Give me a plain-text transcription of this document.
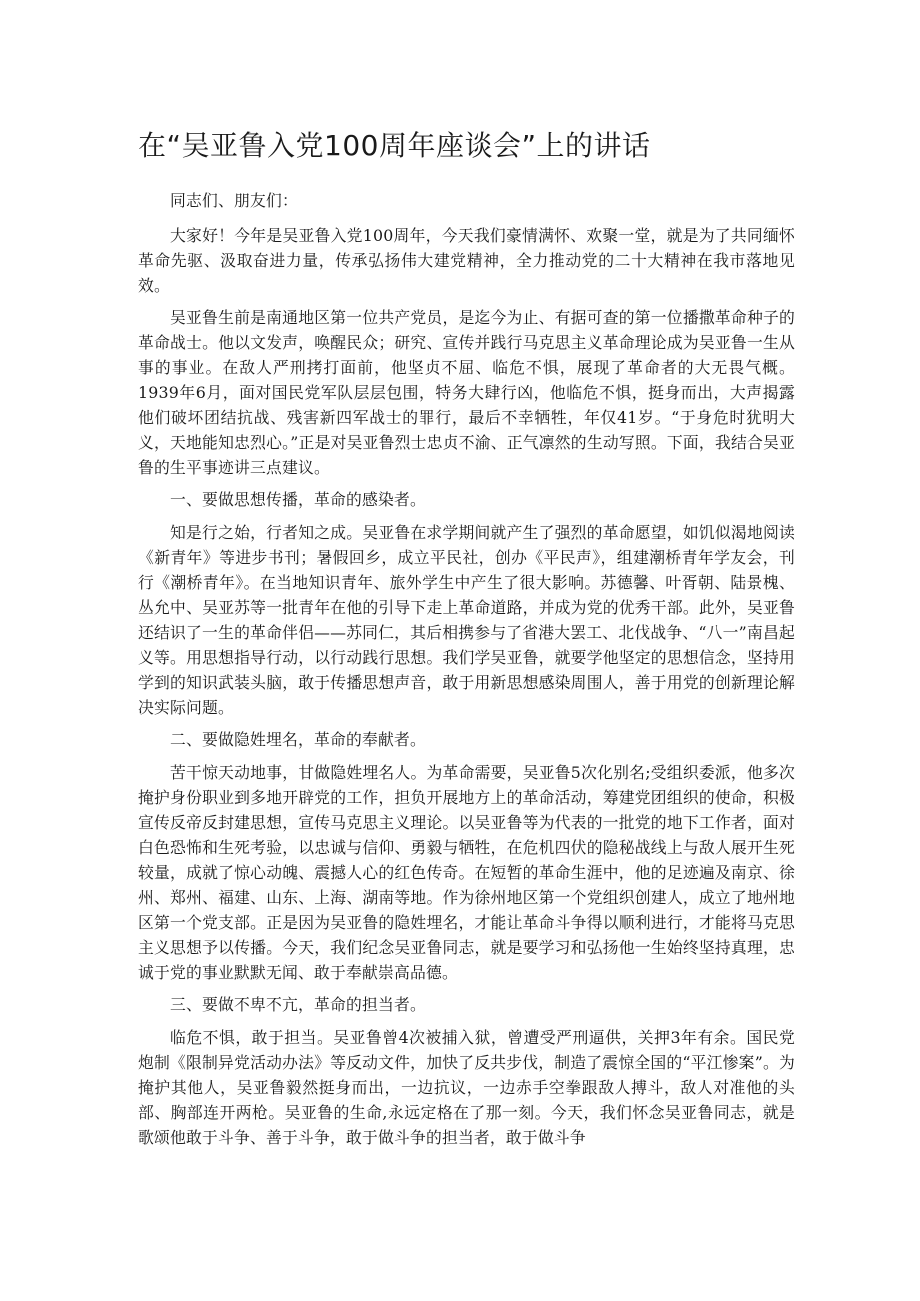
在“吴亚鲁入党100周年座谈会”上的讲话

同志们、朋友们：

大家好！今年是吴亚鲁入党100周年，今天我们豪情满怀、欢聚一堂，就是为了共同缅怀革命先驱、汲取奋进力量，传承弘扬伟大建党精神，全力推动党的二十大精神在我市落地见效。

吴亚鲁生前是南通地区第一位共产党员，是迄今为止、有据可查的第一位播撒革命种子的革命战士。他以文发声，唤醒民众；研究、宣传并践行马克思主义革命理论成为吴亚鲁一生从事的事业。在敌人严刑拷打面前，他坚贞不屈、临危不惧，展现了革命者的大无畏气概。1939年6月，面对国民党军队层层包围，特务大肆行凶，他临危不惧，挺身而出，大声揭露他们破坏团结抗战、残害新四军战士的罪行，最后不幸牺牲，年仅41岁。“于身危时犹明大义，天地能知忠烈心。”正是对吴亚鲁烈士忠贞不渝、正气凛然的生动写照。下面，我结合吴亚鲁的生平事迹讲三点建议。

一、要做思想传播，革命的感染者。

知是行之始，行者知之成。吴亚鲁在求学期间就产生了强烈的革命愿望，如饥似渴地阅读《新青年》等进步书刊；暑假回乡，成立平民社，创办《平民声》，组建潮桥青年学友会，刊行《潮桥青年》。在当地知识青年、旅外学生中产生了很大影响。苏德馨、叶胥朝、陆景槐、丛允中、吴亚苏等一批青年在他的引导下走上革命道路，并成为党的优秀干部。此外，吴亚鲁还结识了一生的革命伴侣——苏同仁，其后相携参与了省港大罢工、北伐战争、“八一”南昌起义等。用思想指导行动，以行动践行思想。我们学吴亚鲁，就要学他坚定的思想信念，坚持用学到的知识武装头脑，敢于传播思想声音，敢于用新思想感染周围人，善于用党的创新理论解决实际问题。

二、要做隐姓埋名，革命的奉献者。

苦干惊天动地事，甘做隐姓埋名人。为革命需要，吴亚鲁5次化别名;受组织委派，他多次掩护身份职业到多地开辟党的工作，担负开展地方上的革命活动，筹建党团组织的使命，积极宣传反帝反封建思想，宣传马克思主义理论。以吴亚鲁等为代表的一批党的地下工作者，面对白色恐怖和生死考验，以忠诚与信仰、勇毅与牺牲，在危机四伏的隐秘战线上与敌人展开生死较量，成就了惊心动魄、震撼人心的红色传奇。在短暂的革命生涯中，他的足迹遍及南京、徐州、郑州、福建、山东、上海、湖南等地。作为徐州地区第一个党组织创建人，成立了地州地区第一个党支部。正是因为吴亚鲁的隐姓埋名，才能让革命斗争得以顺利进行，才能将马克思主义思想予以传播。今天，我们纪念吴亚鲁同志，就是要学习和弘扬他一生始终坚持真理，忠诚于党的事业默默无闻、敢于奉献崇高品德。

三、要做不卑不亢，革命的担当者。

临危不惧，敢于担当。吴亚鲁曾4次被捕入狱，曾遭受严刑逼供，关押3年有余。国民党炮制《限制异党活动办法》等反动文件，加快了反共步伐，制造了震惊全国的“平江惨案”。为掩护其他人，吴亚鲁毅然挺身而出，一边抗议，一边赤手空拳跟敌人搏斗，敌人对准他的头部、胸部连开两枪。吴亚鲁的生命,永远定格在了那一刻。今天，我们怀念吴亚鲁同志，就是歌颂他敢于斗争、善于斗争，敢于做斗争的担当者，敢于做斗争
